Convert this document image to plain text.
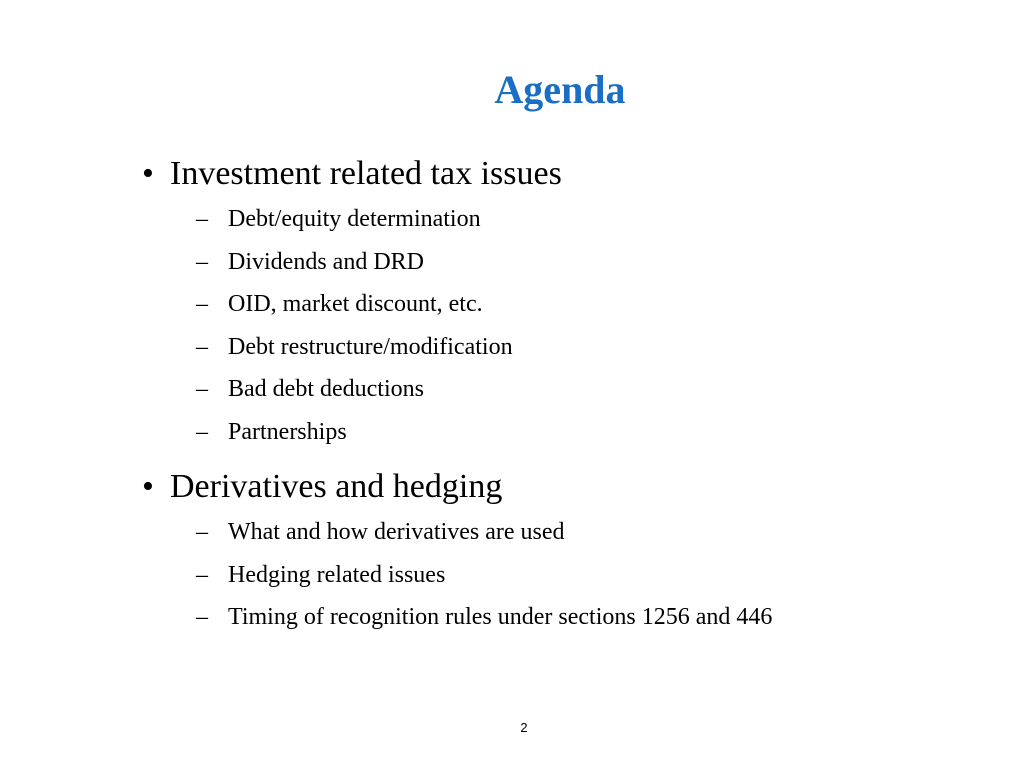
Agenda
• Investment related tax issues
– Debt/equity determination
– Dividends and DRD
– OID, market discount, etc.
– Debt restructure/modification
– Bad debt deductions
– Partnerships
• Derivatives and hedging
– What and how derivatives are used
– Hedging related issues
– Timing of recognition rules under sections 1256 and 446
2
